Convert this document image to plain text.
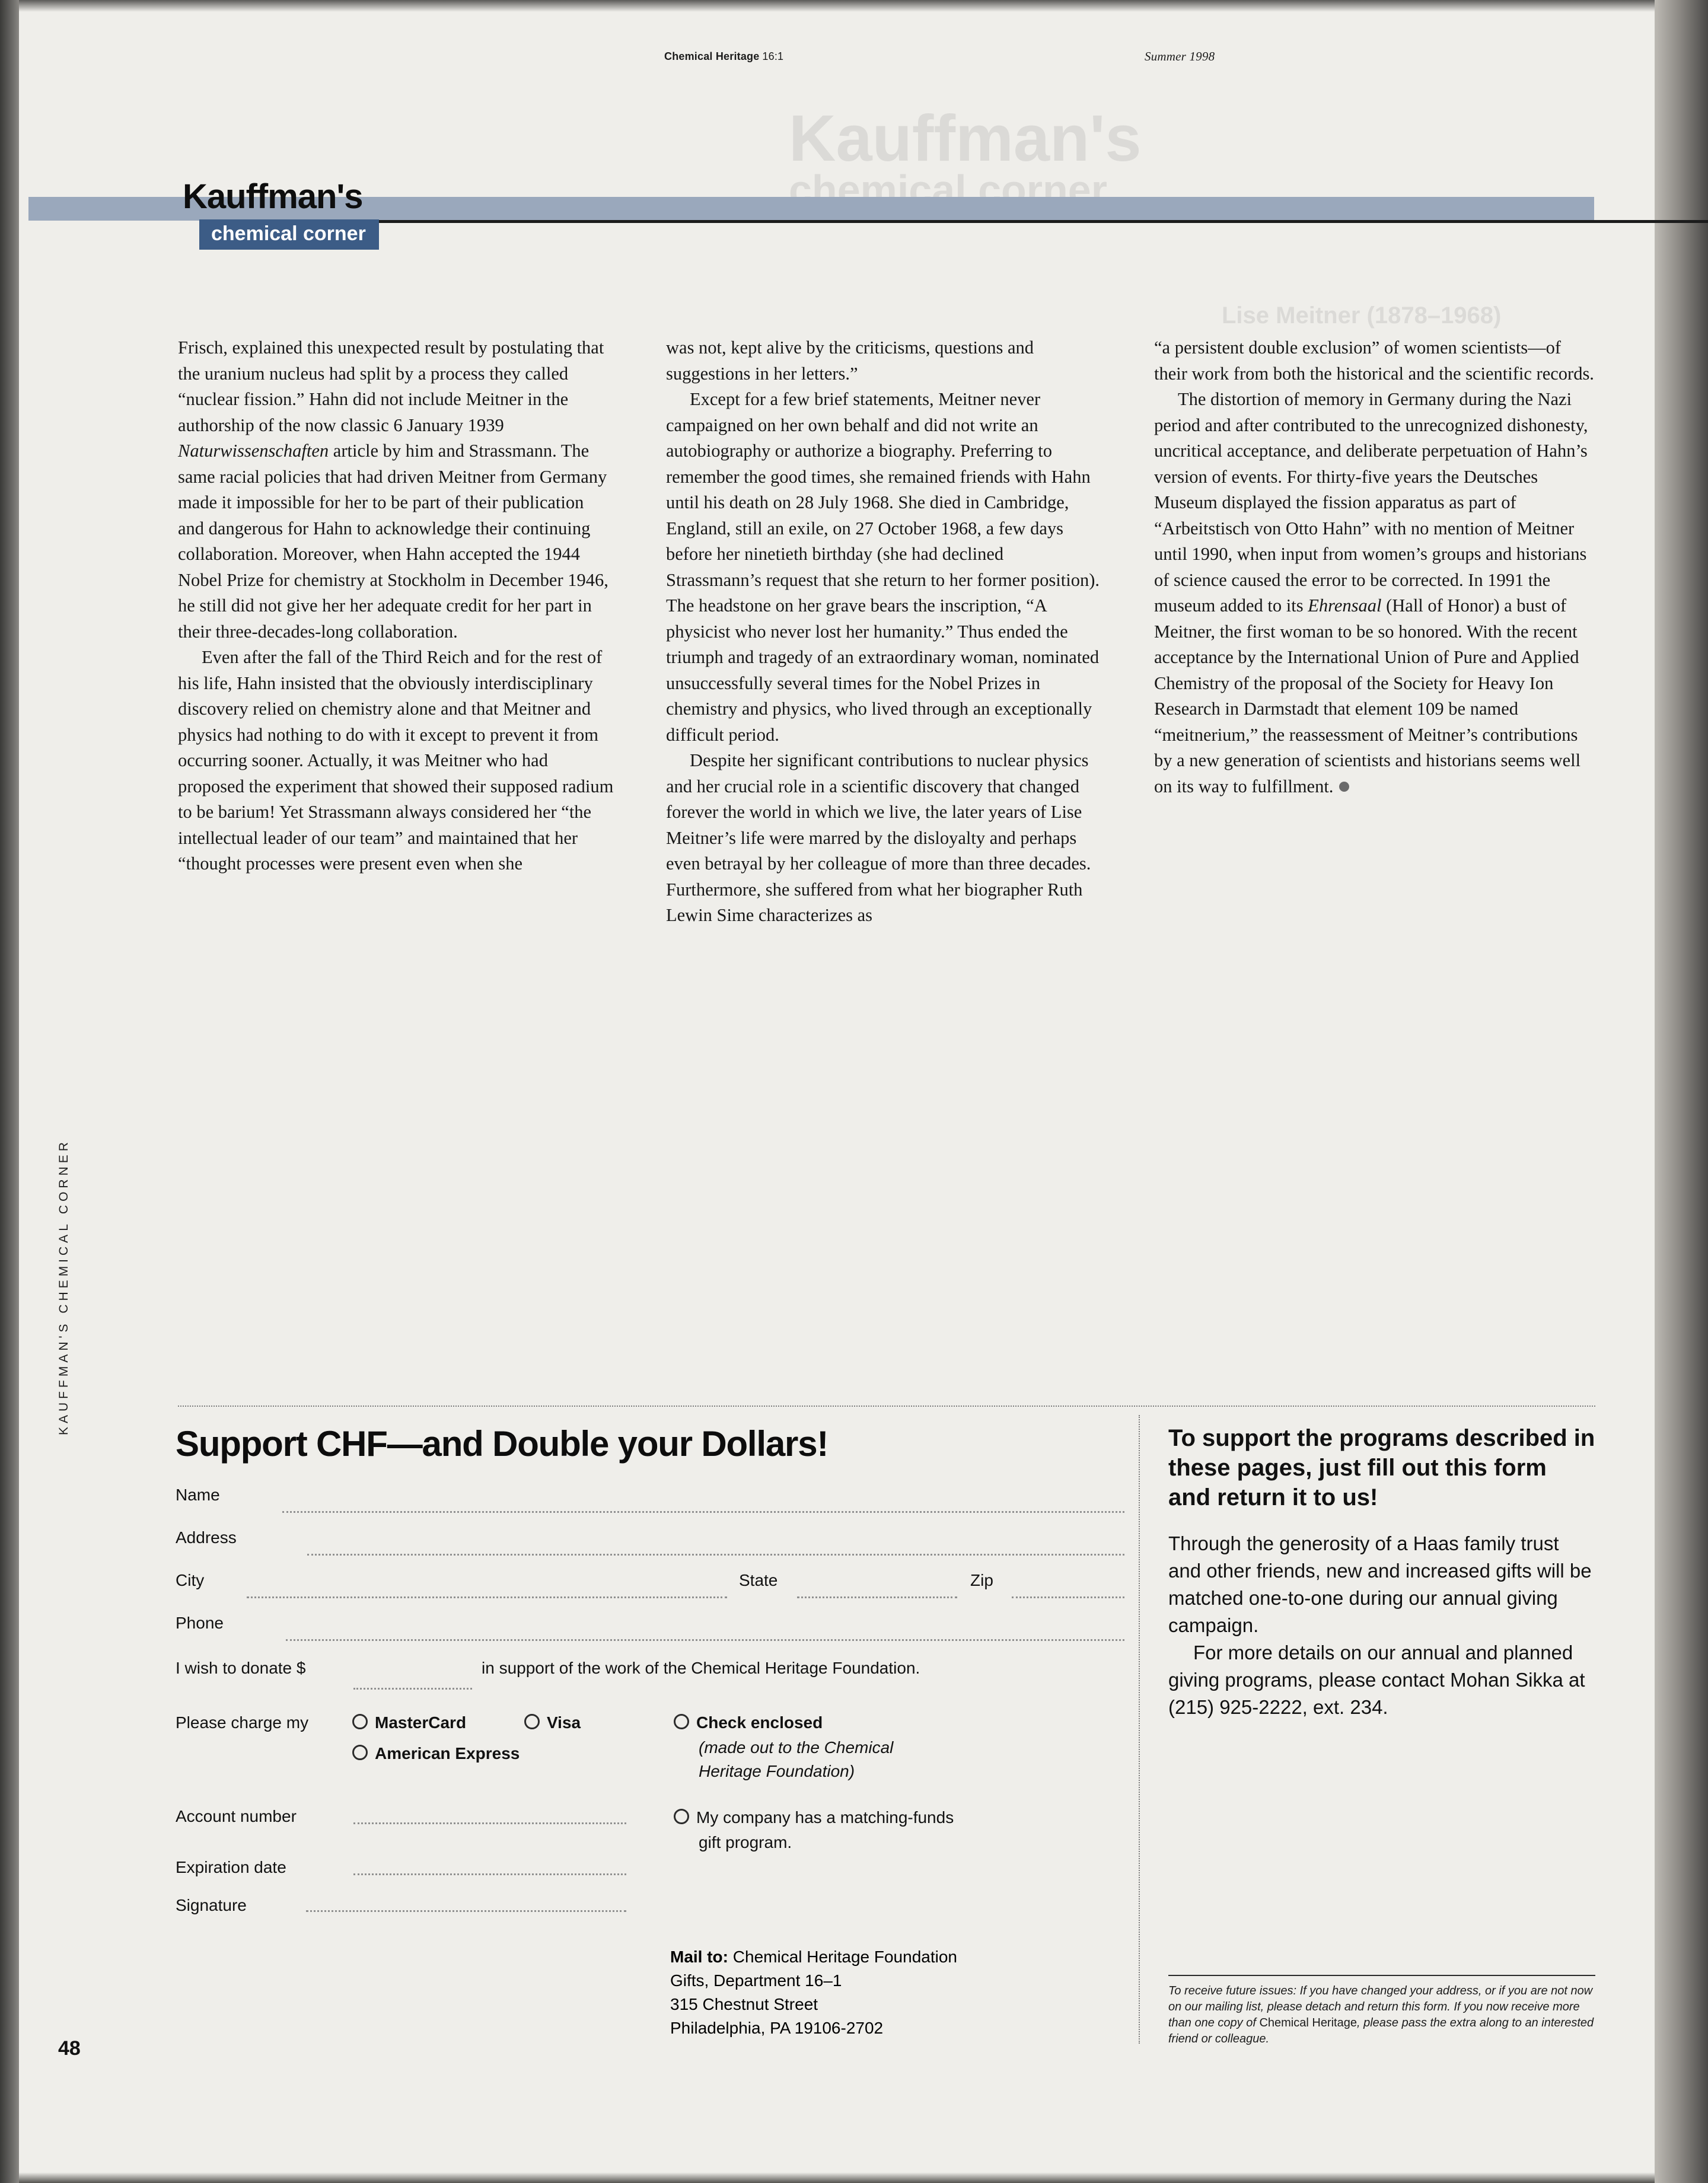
Kauffman's
chemical corner
Lise Meitner (1878–1968)
Chemical Heritage 16:1	Summer 1998
Kauffman's
chemical corner
KAUFFMAN'S CHEMICAL CORNER
48

Frisch, explained this unexpected result by postulating that the uranium nucleus had split by a process they called “nuclear fission.” Hahn did not include Meitner in the authorship of the now classic 6 January 1939 Naturwissenschaften article by him and Strassmann. The same racial policies that had driven Meitner from Germany made it impossible for her to be part of their publication and dangerous for Hahn to acknowledge their continuing collaboration. Moreover, when Hahn accepted the 1944 Nobel Prize for chemistry at Stockholm in December 1946, he still did not give her her adequate credit for her part in their three-decades-long collaboration.

Even after the fall of the Third Reich and for the rest of his life, Hahn insisted that the obviously interdisciplinary discovery relied on chemistry alone and that Meitner and physics had nothing to do with it except to prevent it from occurring sooner. Actually, it was Meitner who had proposed the experiment that showed their supposed radium to be barium! Yet Strassmann always considered her “the intellectual leader of our team” and maintained that her “thought processes were present even when she

was not, kept alive by the criticisms, questions and suggestions in her letters.”

Except for a few brief statements, Meitner never campaigned on her own behalf and did not write an autobiography or authorize a biography. Preferring to remember the good times, she remained friends with Hahn until his death on 28 July 1968. She died in Cambridge, England, still an exile, on 27 October 1968, a few days before her ninetieth birthday (she had declined Strassmann’s request that she return to her former position). The headstone on her grave bears the inscription, “A physicist who never lost her humanity.” Thus ended the triumph and tragedy of an extraordinary woman, nominated unsuccessfully several times for the Nobel Prizes in chemistry and physics, who lived through an exceptionally difficult period.

Despite her significant contributions to nuclear physics and her crucial role in a scientific discovery that changed forever the world in which we live, the later years of Lise Meitner’s life were marred by the disloyalty and perhaps even betrayal by her colleague of more than three decades. Furthermore, she suffered from what her biographer Ruth Lewin Sime characterizes as

“a persistent double exclusion” of women scientists—of their work from both the historical and the scientific records.

The distortion of memory in Germany during the Nazi period and after contributed to the unrecognized dishonesty, uncritical acceptance, and deliberate perpetuation of Hahn’s version of events. For thirty-five years the Deutsches Museum displayed the fission apparatus as part of “Arbeitstisch von Otto Hahn” with no mention of Meitner until 1990, when input from women’s groups and historians of science caused the error to be corrected. In 1991 the museum added to its Ehrensaal (Hall of Honor) a bust of Meitner, the first woman to be so honored. With the recent acceptance by the International Union of Pure and Applied Chemistry of the proposal of the Society for Heavy Ion Research in Darmstadt that element 109 be named “meitnerium,” the reassessment of Meitner’s contributions by a new generation of scientists and historians seems well on its way to fulfillment.

Support CHF—and Double your Dollars!
Name
Address
City	State	Zip
Phone
I wish to donate $	in support of the work of the Chemical Heritage Foundation.
Please charge my	MasterCard	Visa
American Express
Check enclosed
(made out to the Chemical
Heritage Foundation)
My company has a matching-funds
gift program.
Account number
Expiration date
Signature
Mail to: Chemical Heritage Foundation
Gifts, Department 16–1
315 Chestnut Street
Philadelphia, PA 19106-2702
To support the programs described in these pages, just fill out this form and return it to us!

Through the generosity of a Haas family trust and other friends, new and increased gifts will be matched one-to-one during our annual giving campaign.

For more details on our annual and planned giving programs, please contact Mohan Sikka at (215) 925-2222, ext. 234.

To receive future issues: If you have changed your address, or if you are not now on our mailing list, please detach and return this form. If you now receive more than one copy of Chemical Heritage, please pass the extra along to an interested friend or colleague.
